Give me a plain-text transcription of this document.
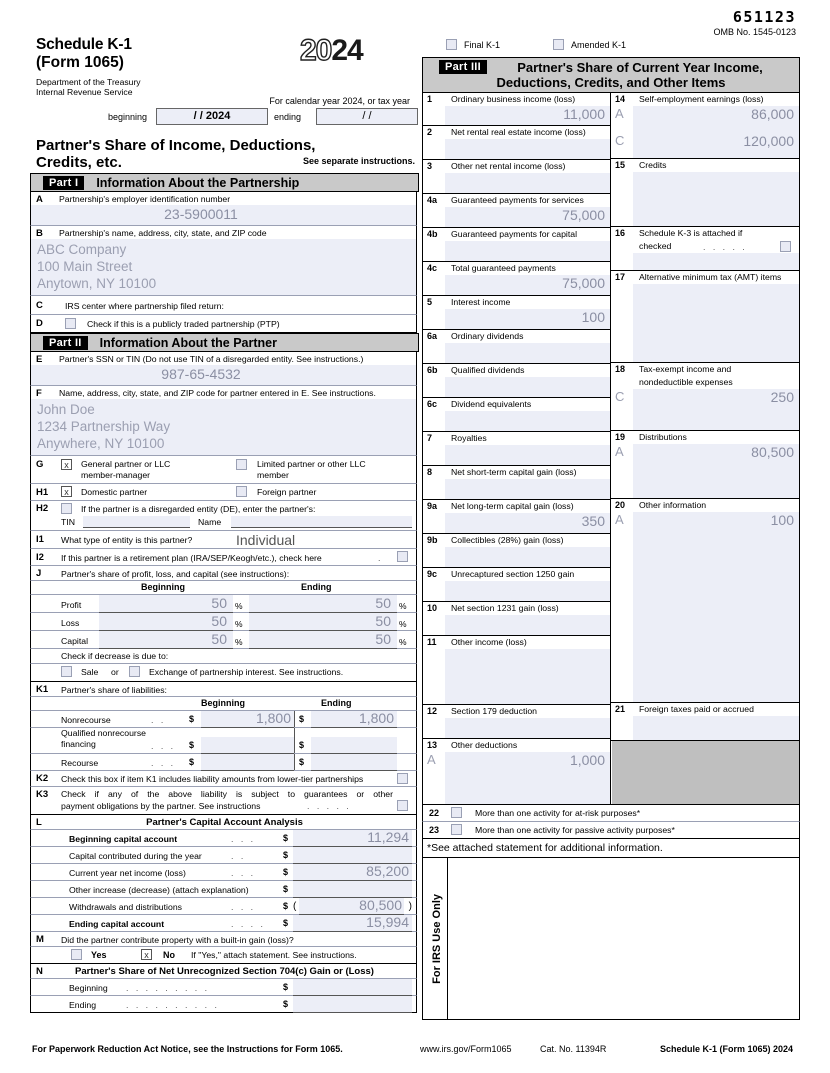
Schedule K-1
(Form 1065)
Department of the Treasury
Internal Revenue Service
2024
For calendar year 2024, or tax year
beginning	/ / 2024	ending	/ /
Partner's Share of Income, Deductions,
Credits, etc.	See separate instructions.
Part I	Information About the Partnership
A Partnership's employer identification number
23-5900011
B Partnership's name, address, city, state, and ZIP code
ABC Company
100 Main Street
Anytown, NY 10100
C	IRS center where partnership filed return:
D	Check if this is a publicly traded partnership (PTP)
Part II	Information About the Partner
E Partner's SSN or TIN (Do not use TIN of a disregarded entity. See instructions.)
987-65-4532
F Name, address, city, state, and ZIP code for partner entered in E. See instructions.
John Doe
1234 Partnership Way
Anywhere, NY 10100
G	x	General partner or LLC
member-manager
Limited partner or other LLC
member
H1	x	Domestic partner	Foreign partner
H2	If the partner is a disregarded entity (DE), enter the partner's:
TIN	Name
I1 What type of entity is this partner?	Individual
I2 If this partner is a retirement plan (IRA/SEP/Keogh/etc.), check here	.
J Partner's share of profit, loss, and capital (see instructions):
Beginning	Ending
Profit	50 %	50 %
Loss	50 %	50 %
Capital	50 %	50 %
Check if decrease is due to:
Sale or	Exchange of partnership interest. See instructions.
K1 Partner's share of liabilities:
Beginning	Ending
Nonrecourse	. .	$	1,800 $	1,800
Qualified nonrecourse
financing	. . . $	$
Recourse	. . . $	$
K2 Check this box if item K1 includes liability amounts from lower-tier partnerships
K3 Check if any of the above liability is subject to guarantees or other
payment obligations by the partner. See instructions	. . . . .
L	Partner's Capital Account Analysis
Beginning capital account	. . .	$	11,294
Capital contributed during the year	. .	$
Current year net income (loss)	. . .	$	85,200
Other increase (decrease) (attach explanation)	$
Withdrawals and distributions	. . .	$ (	80,500 )
Ending capital account	. . . . $	15,994
M Did the partner contribute property with a built-in gain (loss)?
Yes	x	No If "Yes," attach statement. See instructions.
N	Partner's Share of Net Unrecognized Section 704(c) Gain or (Loss)
Beginning . . . . . . . . .	$
Ending	. . . . . . . . . .	$
651123
OMB No. 1545-0123
Final K-1	Amended K-1
Part III	Partner's Share of Current Year Income,
Deductions, Credits, and Other Items
1 Ordinary business income (loss)
11,000
2 Net rental real estate income (loss)
3 Other net rental income (loss)
4a Guaranteed payments for services
75,000
4b Guaranteed payments for capital
4c Total guaranteed payments
75,000
5 Interest income
100
6a Ordinary dividends
6b Qualified dividends
6c Dividend equivalents
7 Royalties
8 Net short-term capital gain (loss)
9a Net long-term capital gain (loss)
350
9b Collectibles (28%) gain (loss)
9c Unrecaptured section 1250 gain
10 Net section 1231 gain (loss)
11 Other income (loss)
12 Section 179 deduction
13 Other deductions
A	1,000
14 Self-employment earnings (loss)
A	86,000
C	120,000
15 Credits
16 Schedule K-3 is attached if
checked	. . . . .
17 Alternative minimum tax (AMT) items
18 Tax-exempt income and
nondeductible expenses
C	250
19 Distributions
A	80,500
20 Other information
A	100
21 Foreign taxes paid or accrued
22	More than one activity for at-risk purposes*
23	More than one activity for passive activity purposes*
*See attached statement for additional information.
For IRS Use Only
For Paperwork Reduction Act Notice, see the Instructions for Form 1065.	www.irs.gov/Form1065	Cat. No. 11394R	Schedule K-1 (Form 1065) 2024
